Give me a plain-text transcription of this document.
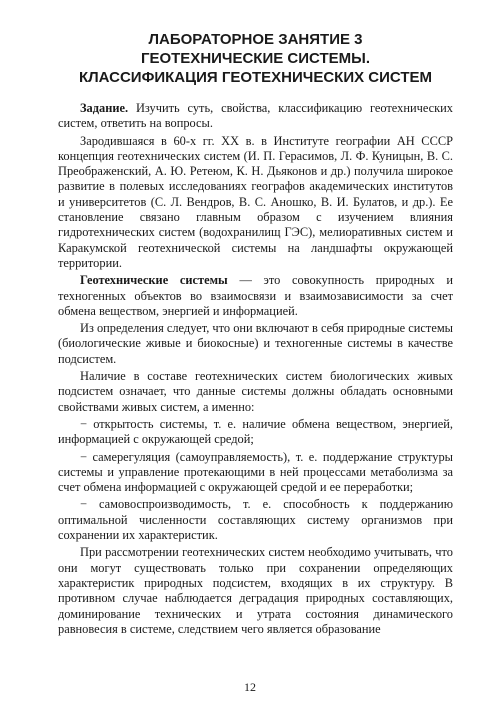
ЛАБОРАТОРНОЕ ЗАНЯТИЕ 3
ГЕОТЕХНИЧЕСКИЕ СИСТЕМЫ.
КЛАССИФИКАЦИЯ ГЕОТЕХНИЧЕСКИХ СИСТЕМ

Задание. Изучить суть, свойства, классификацию геотехнических систем, ответить на вопросы.

Зародившаяся в 60-х гг. XX в. в Институте географии АН СССР концепция геотехнических систем (И. П. Герасимов, Л. Ф. Куницын, В. С. Преображенский, А. Ю. Ретеюм, К. Н. Дьяконов и др.) получила широкое развитие в полевых исследованиях географов академических институтов и университетов (С. Л. Вендров, В. С. Аношко, В. И. Булатов, и др.). Ее становление связано главным образом с изучением влияния гидротехнических систем (водохранилищ ГЭС), мелиоративных систем и Каракумской геотехнической системы на ландшафты окружающей территории.

Геотехнические системы — это совокупность природных и техногенных объектов во взаимосвязи и взаимозависимости за счет обмена веществом, энергией и информацией.

Из определения следует, что они включают в себя природные системы (биологические живые и биокосные) и техногенные системы в качестве подсистем.

Наличие в составе геотехнических систем биологических живых подсистем означает, что данные системы должны обладать основными свойствами живых систем, а именно:

− открытость системы, т. е. наличие обмена веществом, энергией, информацией с окружающей средой;

− самерегуляция (самоуправляемость), т. е. поддержание структуры системы и управление протекающими в ней процессами метаболизма за счет обмена информацией с окружающей средой и ее переработки;

− самовоспроизводимость, т. е. способность к поддержанию оптимальной численности составляющих систему организмов при сохранении их характеристик.

При рассмотрении геотехнических систем необходимо учитывать, что они могут существовать только при сохранении определяющих характеристик природных подсистем, входящих в их структуру. В противном случае наблюдается деградация природных составляющих, доминирование технических и утрата состояния динамического равновесия в системе, следствием чего является образование

12
